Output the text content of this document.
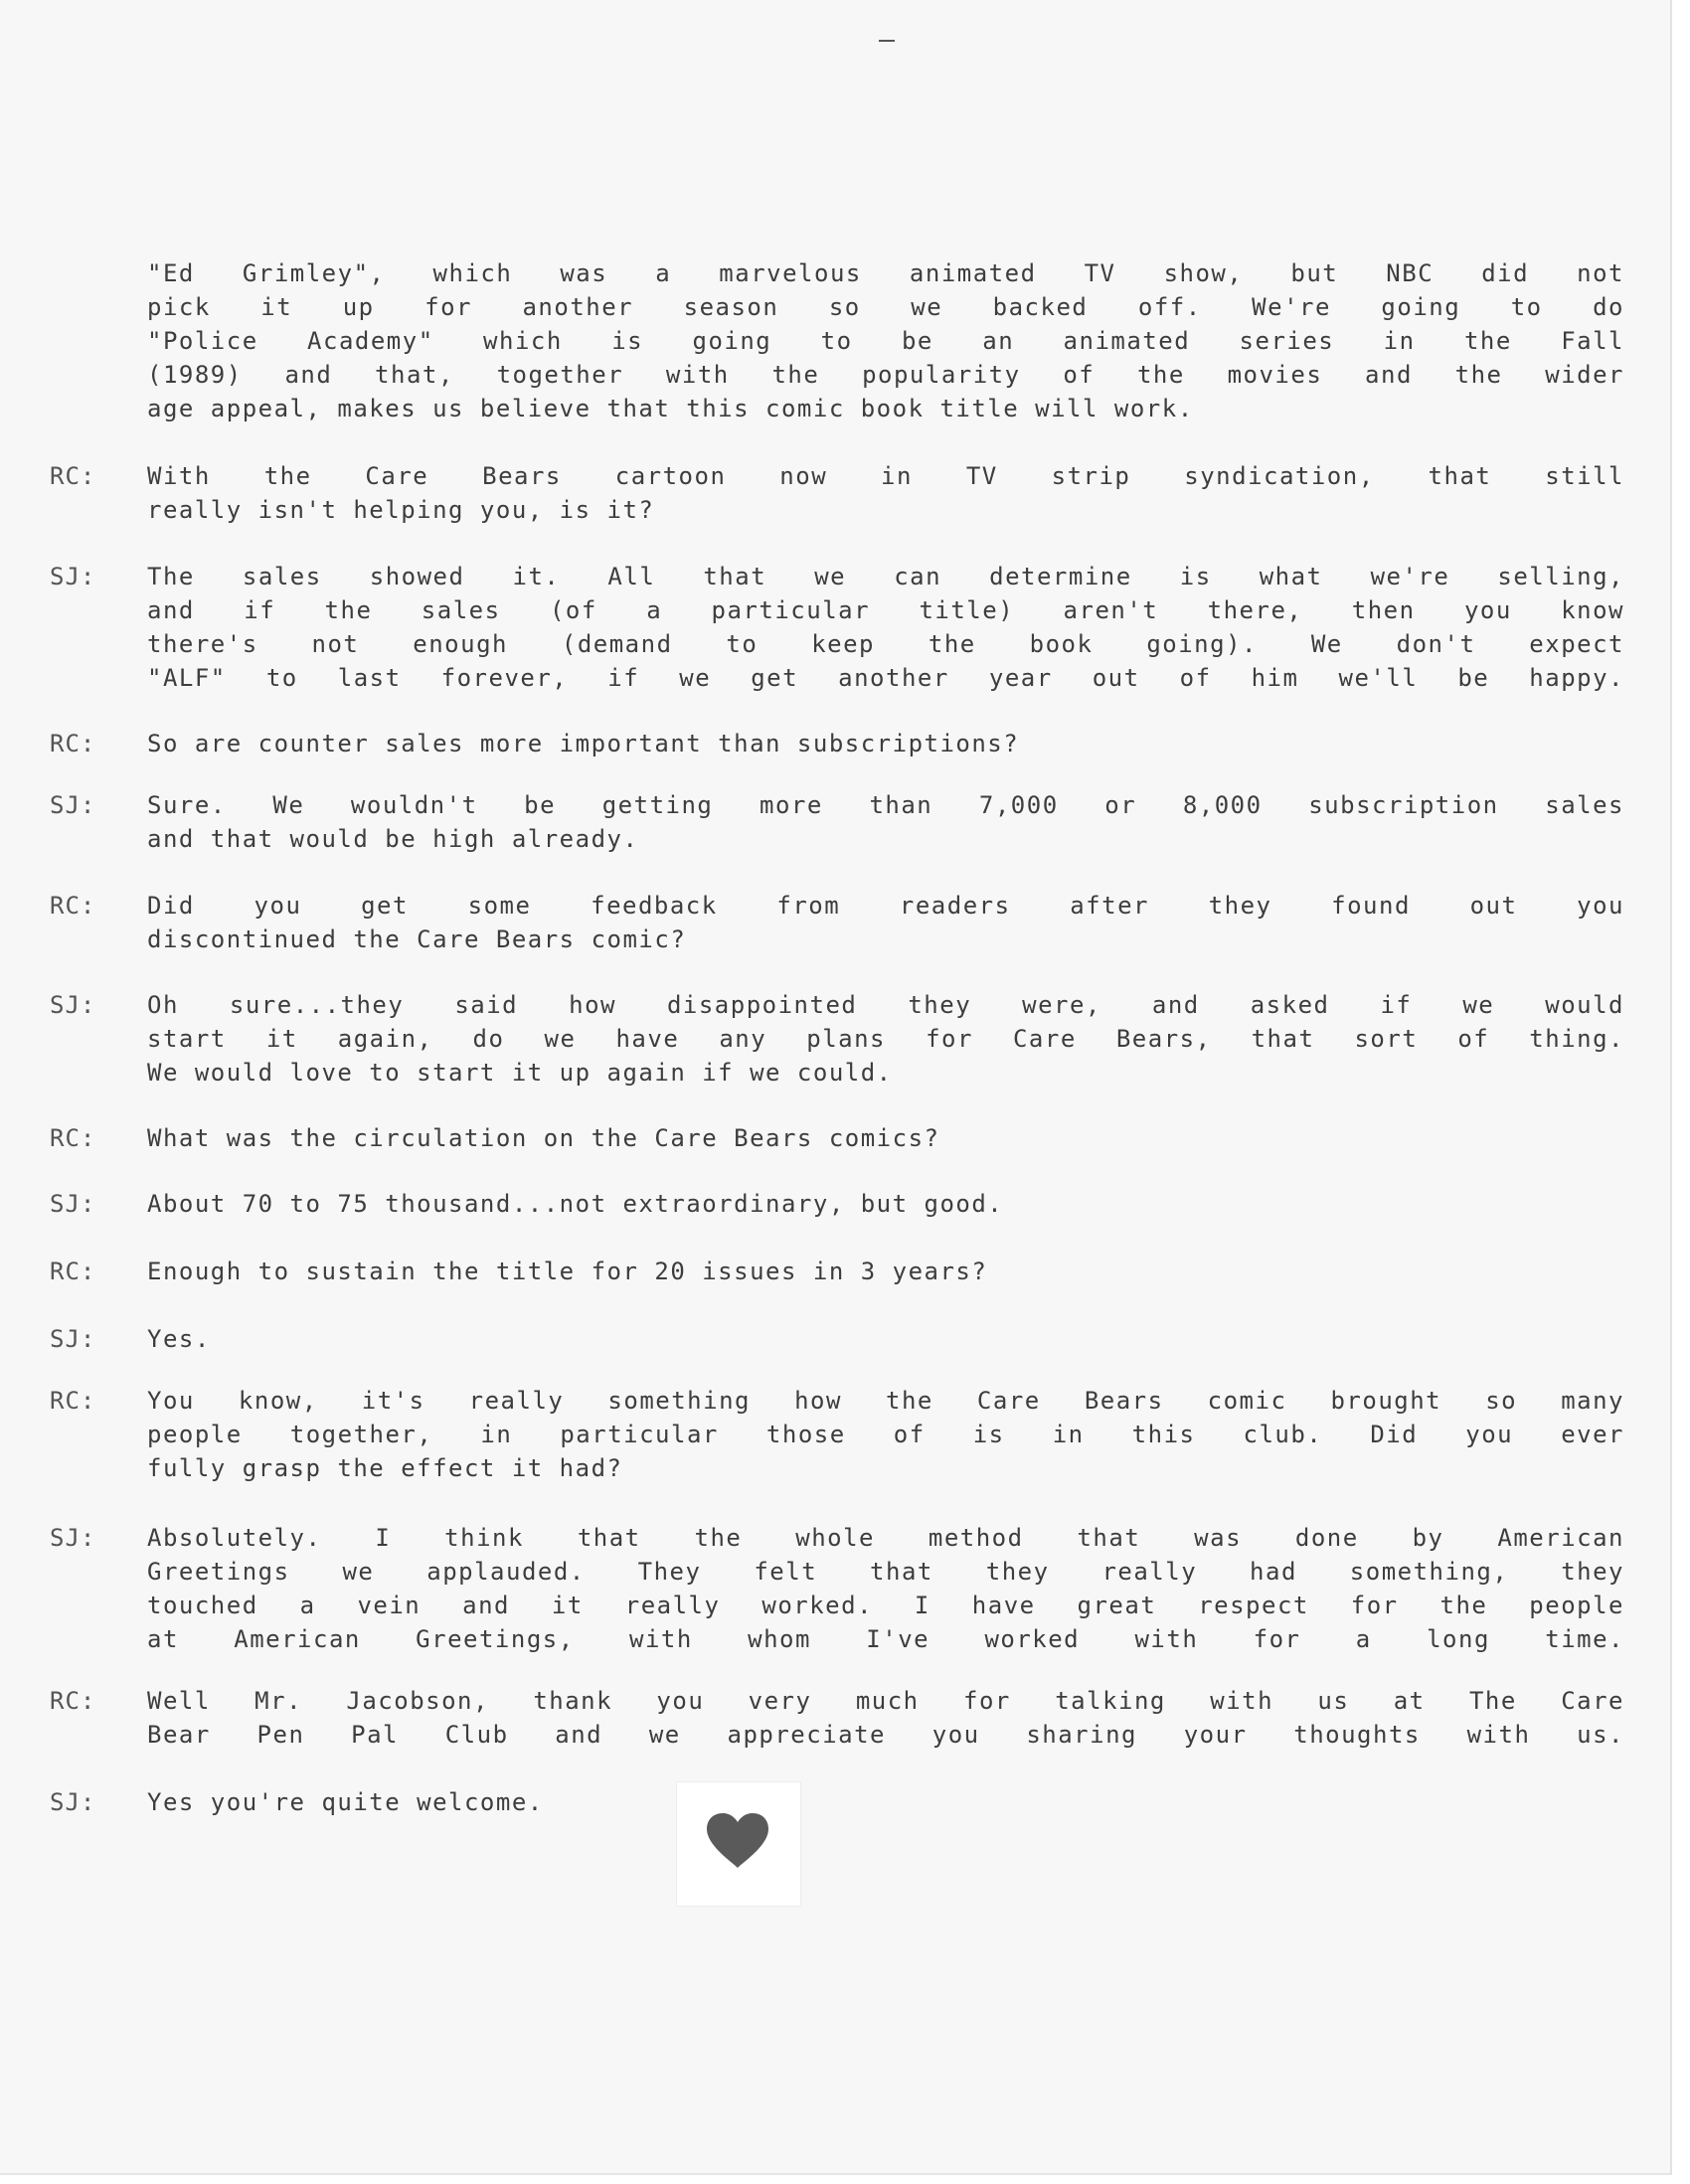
"Ed Grimley", which was a marvelous animated TV show, but NBC did not
pick it up for another season so we backed off. We're going to do
"Police Academy" which is going to be an animated series in the Fall
(1989) and that, together with the popularity of the movies and the wider
age appeal, makes us believe that this comic book title will work.
RC: With the Care Bears cartoon now in TV strip syndication, that still
really isn't helping you, is it?
SJ: The sales showed it. All that we can determine is what we're selling,
and if the sales (of a particular title) aren't there, then you know
there's not enough (demand to keep the book going). We don't expect
"ALF" to last forever, if we get another year out of him we'll be happy.
RC: So are counter sales more important than subscriptions?
SJ: Sure. We wouldn't be getting more than 7,000 or 8,000 subscription sales
and that would be high already.
RC: Did you get some feedback from readers after they found out you
discontinued the Care Bears comic?
SJ: Oh sure...they said how disappointed they were, and asked if we would
start it again, do we have any plans for Care Bears, that sort of thing.
We would love to start it up again if we could.
RC: What was the circulation on the Care Bears comics?
SJ: About 70 to 75 thousand...not extraordinary, but good.
RC: Enough to sustain the title for 20 issues in 3 years?
SJ: Yes.
RC: You know, it's really something how the Care Bears comic brought so many
people together, in particular those of is in this club. Did you ever
fully grasp the effect it had?
SJ: Absolutely. I think that the whole method that was done by American
Greetings we applauded. They felt that they really had something, they
touched a vein and it really worked. I have great respect for the people
at American Greetings, with whom I've worked with for a long time.
RC: Well Mr. Jacobson, thank you very much for talking with us at The Care
Bear Pen Pal Club and we appreciate you sharing your thoughts with us.
SJ: Yes you're quite welcome.
